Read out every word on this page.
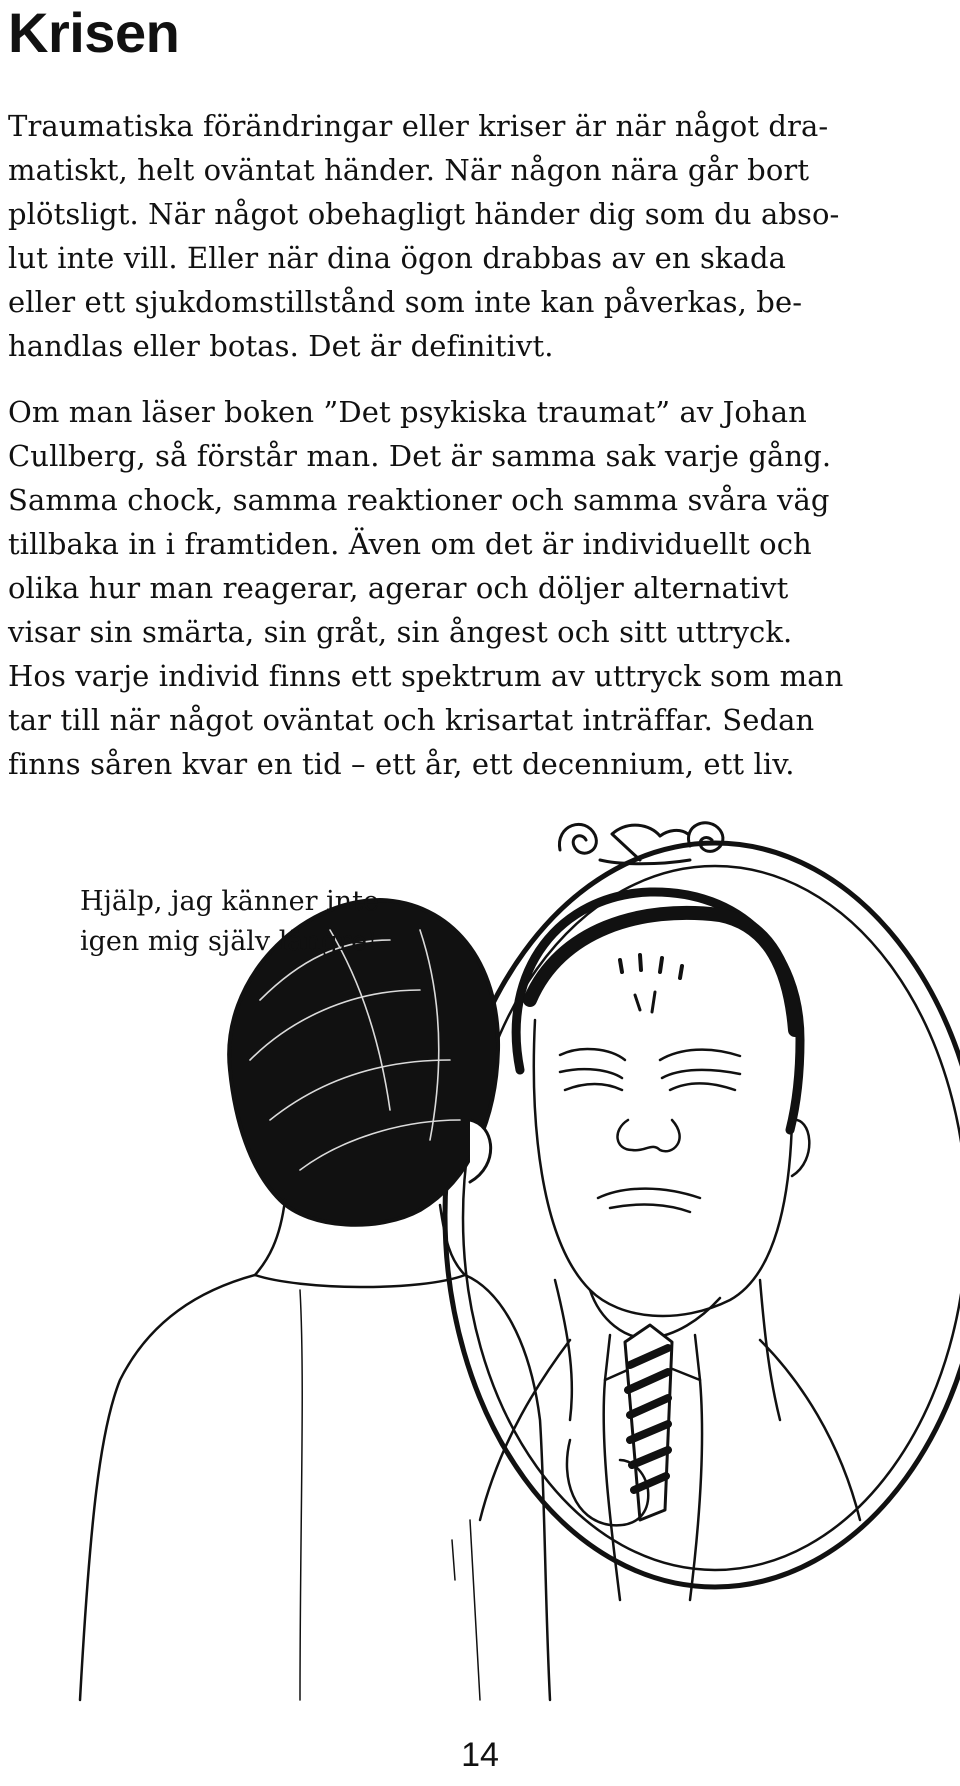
Krisen
Traumatiska förändringar eller kriser är när något dra-
matiskt, helt oväntat händer. När någon nära går bort
plötsligt. När något obehagligt händer dig som du abso-
lut inte vill. Eller när dina ögon drabbas av en skada
eller ett sjukdomstillstånd som inte kan påverkas, be-
handlas eller botas. Det är definitivt.
Om man läser boken ”Det psykiska traumat” av Johan
Cullberg, så förstår man. Det är samma sak varje gång.
Samma chock, samma reaktioner och samma svåra väg
tillbaka in i framtiden. Även om det är individuellt och
olika hur man reagerar, agerar och döljer alternativt
visar sin smärta, sin gråt, sin ångest och sitt uttryck.
Hos varje individ finns ett spektrum av uttryck som man
tar till när något oväntat och krisartat inträffar. Sedan
finns såren kvar en tid – ett år, ett decennium, ett liv.
Hjälp, jag känner inte
igen mig själv längre!
14
